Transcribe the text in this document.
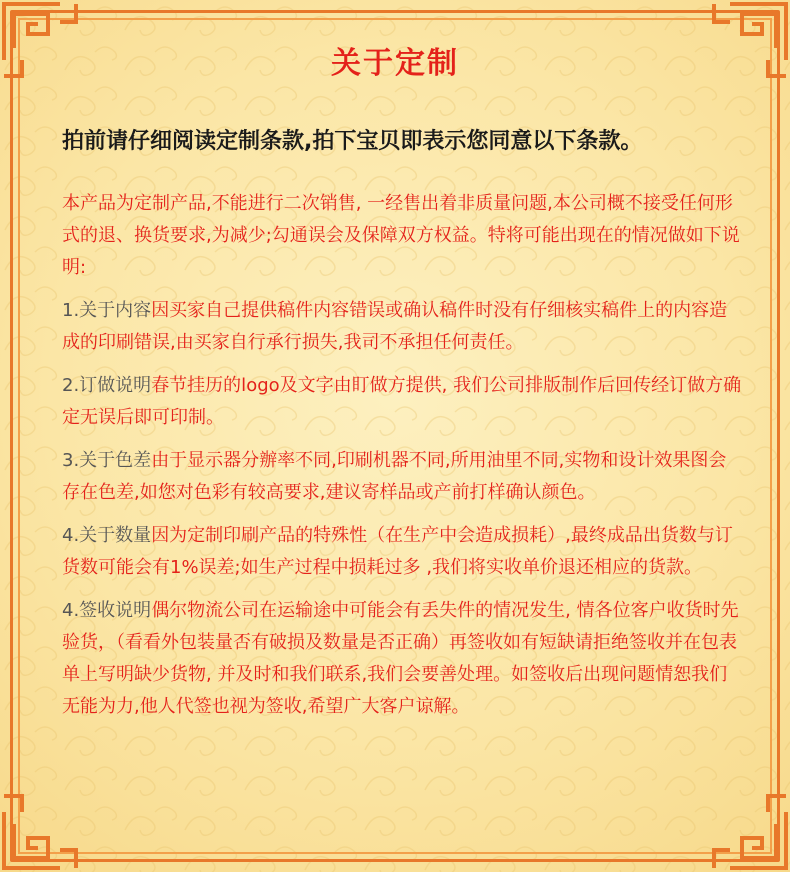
关于定制
拍前请仔细阅读定制条款,拍下宝贝即表示您同意以下条款。

本产品为定制产品,不能进行二次销售, 一经售出着非质量问题,本公司概不接受任何形式的退、换货要求,为减少;勾通误会及保障双方权益。特将可能出现在的情况做如下说明:

1.关于内容因买家自己提供稿件内容错误或确认稿件时没有仔细核实稿件上的内容造成的印刷错误,由买家自行承行损失,我司不承担任何责任。

2.订做说明春节挂历的logo及文字由盯做方提供, 我们公司排版制作后回传经订做方确定无误后即可印制。

3.关于色差由于显示器分辦率不同,印刷机器不同,所用油里不同,实物和设计效果图会存在色差,如您对色彩有较高要求,建议寄样品或产前打样确认颜色。

4.关于数量因为定制印刷产品的特殊性（在生产中会造成损耗）,最终成品出货数与订货数可能会有1%误差;如生产过程中损耗过多 ,我们将实收单价退还相应的货款。

4.签收说明偶尔物流公司在运输途中可能会有丢失件的情况发生, 情各位客户收货时先验货，（看看外包装量否有破损及数量是否正确）再签收如有短缺请拒绝签收并在包表单上写明缺少货物, 并及时和我们联系,我们会要善处理。如签收后出现问题情恕我们无能为力,他人代签也视为签收,希望广大客户谅解。
